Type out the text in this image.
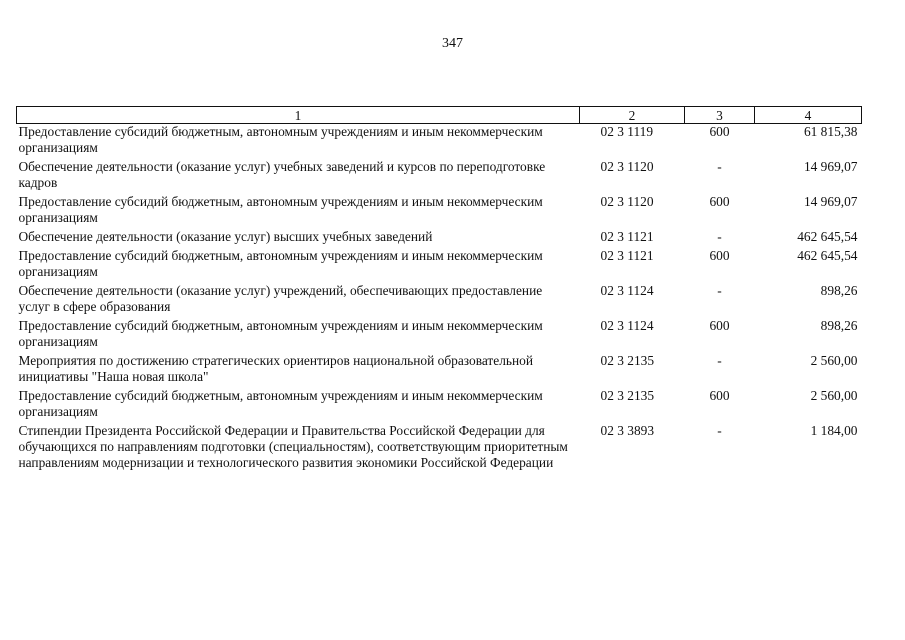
347
1	2	3	4
Предоставление субсидий бюджетным, автономным учреждениям и иным некоммерческим организациям	02 3 1119	600	61 815,38
Обеспечение деятельности (оказание услуг) учебных заведений и курсов по переподготовке кадров	02 3 1120	-	14 969,07
Предоставление субсидий бюджетным, автономным учреждениям и иным некоммерческим организациям	02 3 1120	600	14 969,07
Обеспечение деятельности (оказание услуг) высших учебных заведений	02 3 1121	-	462 645,54
Предоставление субсидий бюджетным, автономным учреждениям и иным некоммерческим организациям	02 3 1121	600	462 645,54
Обеспечение деятельности (оказание услуг) учреждений, обеспечивающих предоставление услуг в сфере образования	02 3 1124	-	898,26
Предоставление субсидий бюджетным, автономным учреждениям и иным некоммерческим организациям	02 3 1124	600	898,26
Мероприятия по достижению стратегических ориентиров национальной образовательной инициативы "Наша новая школа"	02 3 2135	-	2 560,00
Предоставление субсидий бюджетным, автономным учреждениям и иным некоммерческим организациям	02 3 2135	600	2 560,00
Стипендии Президента Российской Федерации и Правительства Российской Федерации для обучающихся по направлениям подготовки (специальностям), соответствующим приоритетным направлениям модернизации и технологического развития экономики Российской Федерации	02 3 3893	-	1 184,00
